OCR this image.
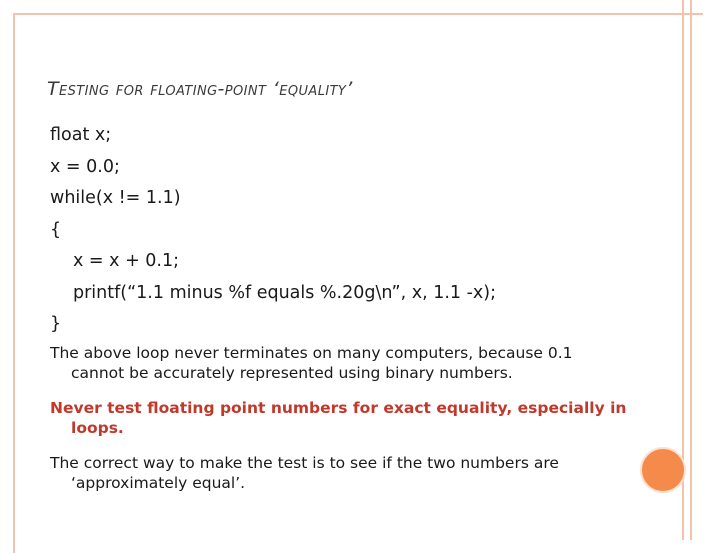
Testing for floating-point ‘equality’
float x;
x = 0.0;
while(x != 1.1)
{
x = x + 0.1;
printf(“1.1 minus %f equals %.20g\n”, x, 1.1 -x);
}
The above loop never terminates on many computers, because 0.1
cannot be accurately represented using binary numbers.
Never test floating point numbers for exact equality, especially in
loops.
The correct way to make the test is to see if the two numbers are
‘approximately equal’.
